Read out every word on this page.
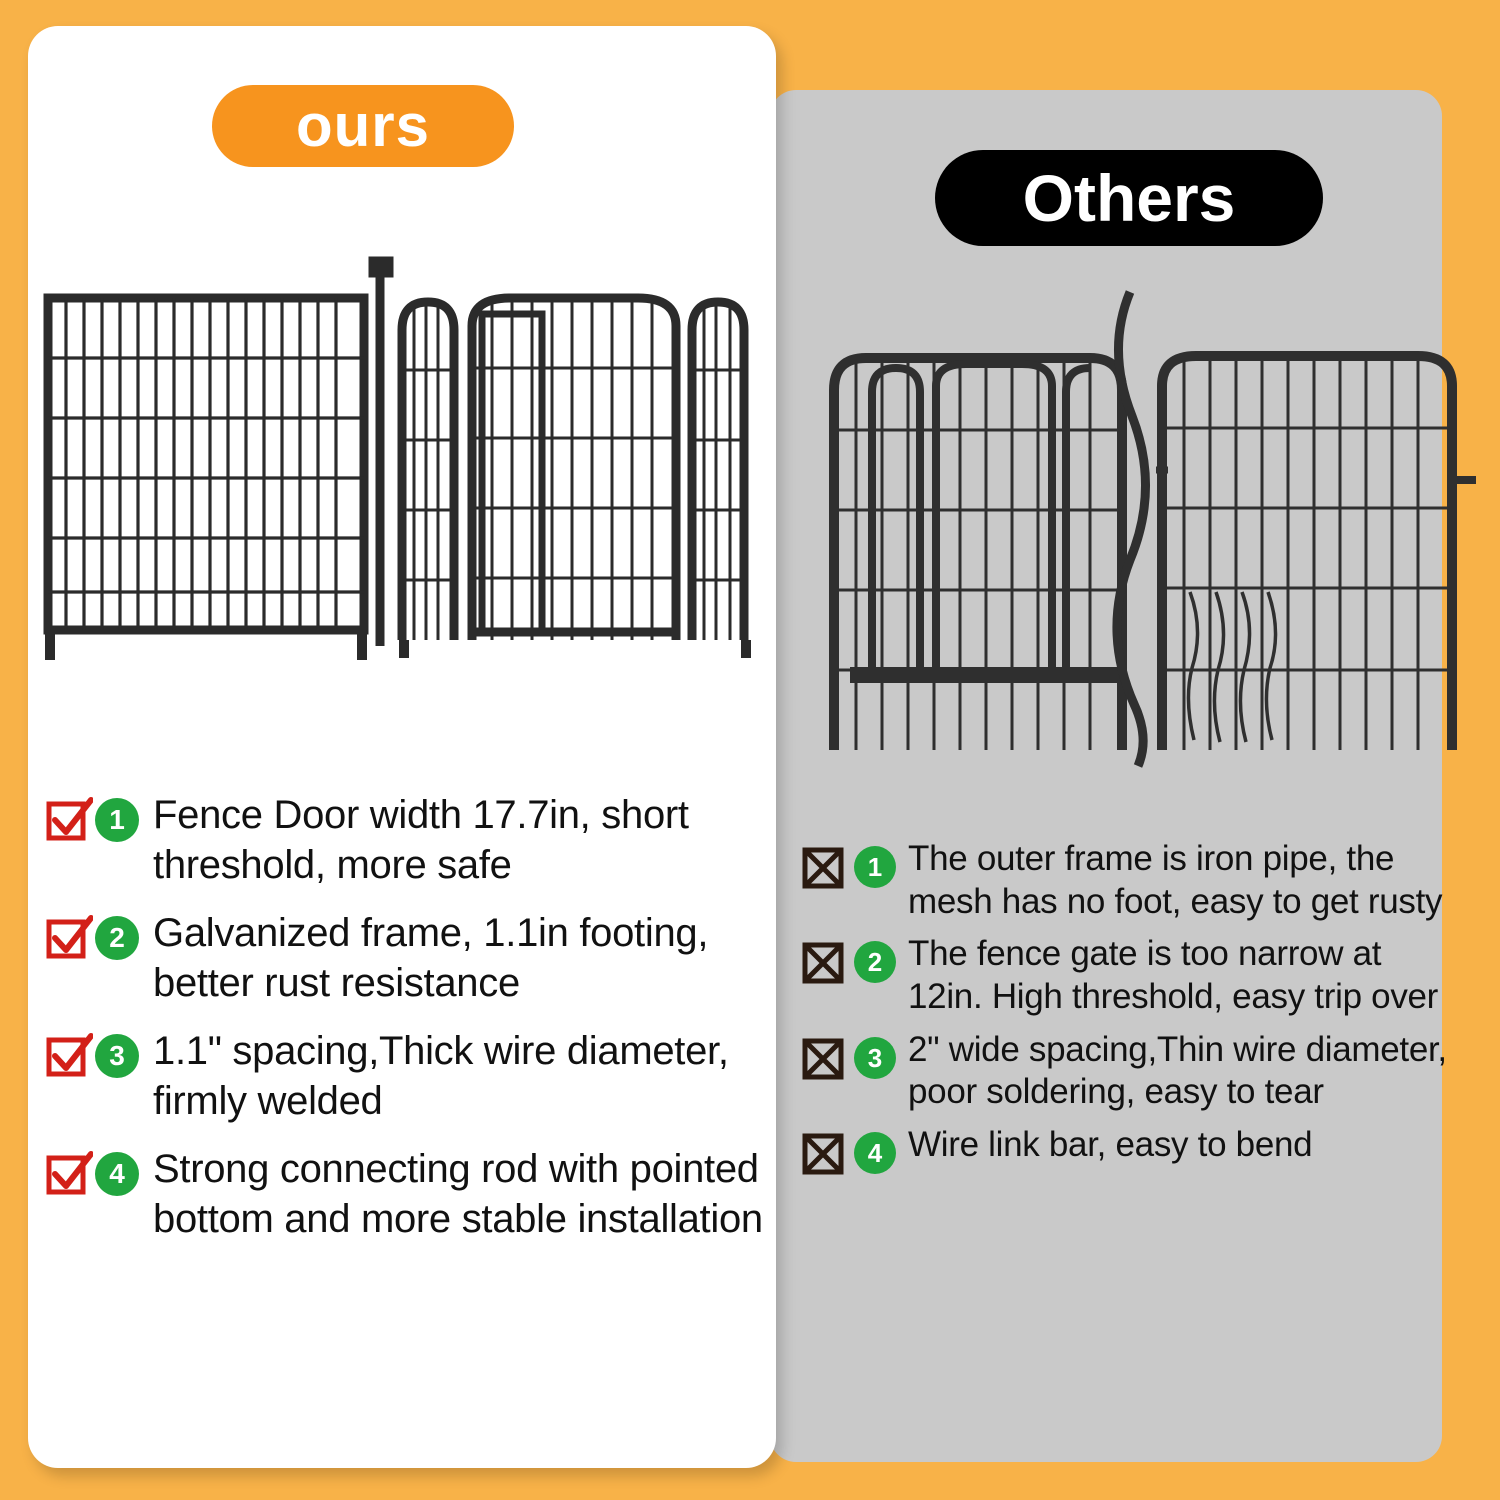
ours
Others
1 Fence Door width 17.7in, short threshold, more safe
2 Galvanized frame, 1.1in footing, better rust resistance
3 1.1" spacing,Thick wire diameter, firmly welded
4 Strong connecting rod with pointed bottom and more stable installation
1 The outer frame is iron pipe, the mesh has no foot, easy to get rusty
2 The fence gate is too narrow at 12in. High threshold, easy trip over
3 2" wide spacing,Thin wire diameter, poor soldering, easy to tear
4 Wire link bar, easy to bend
